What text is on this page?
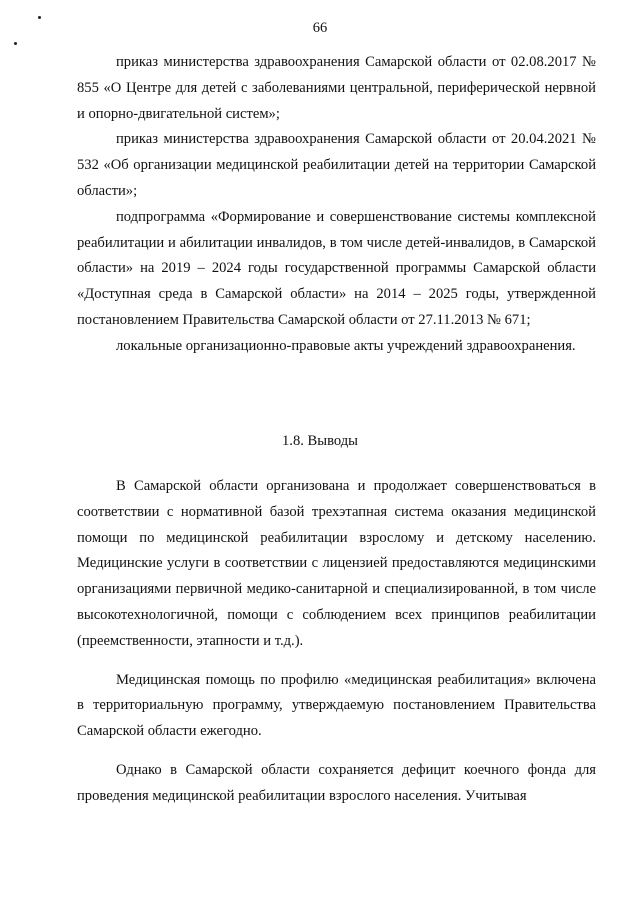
66

приказ министерства здравоохранения Самарской области от 02.08.2017 № 855 «О Центре для детей с заболеваниями центральной, периферической нервной и опорно-двигательной систем»;

приказ министерства здравоохранения Самарской области от 20.04.2021 № 532 «Об организации медицинской реабилитации детей на территории Самарской области»;

подпрограмма «Формирование и совершенствование системы комплексной реабилитации и абилитации инвалидов, в том числе детей-инвалидов, в Самарской области» на 2019 – 2024 годы государственной программы Самарской области «Доступная среда в Самарской области» на 2014 – 2025 годы, утвержденной постановлением Правительства Самарской области от 27.11.2013 № 671;

локальные организационно-правовые акты учреждений здравоохранения.

1.8. Выводы

В Самарской области организована и продолжает совершенствоваться в соответствии с нормативной базой трехэтапная система оказания медицинской помощи по медицинской реабилитации взрослому и детскому населению. Медицинские услуги в соответствии с лицензией предоставляются медицинскими организациями первичной медико-санитарной и специализированной, в том числе высокотехнологичной, помощи с соблюдением всех принципов реабилитации (преемственности, этапности и т.д.).

Медицинская помощь по профилю «медицинская реабилитация» включена в территориальную программу, утверждаемую постановлением Правительства Самарской области ежегодно.

Однако в Самарской области сохраняется дефицит коечного фонда для проведения медицинской реабилитации взрослого населения. Учитывая
